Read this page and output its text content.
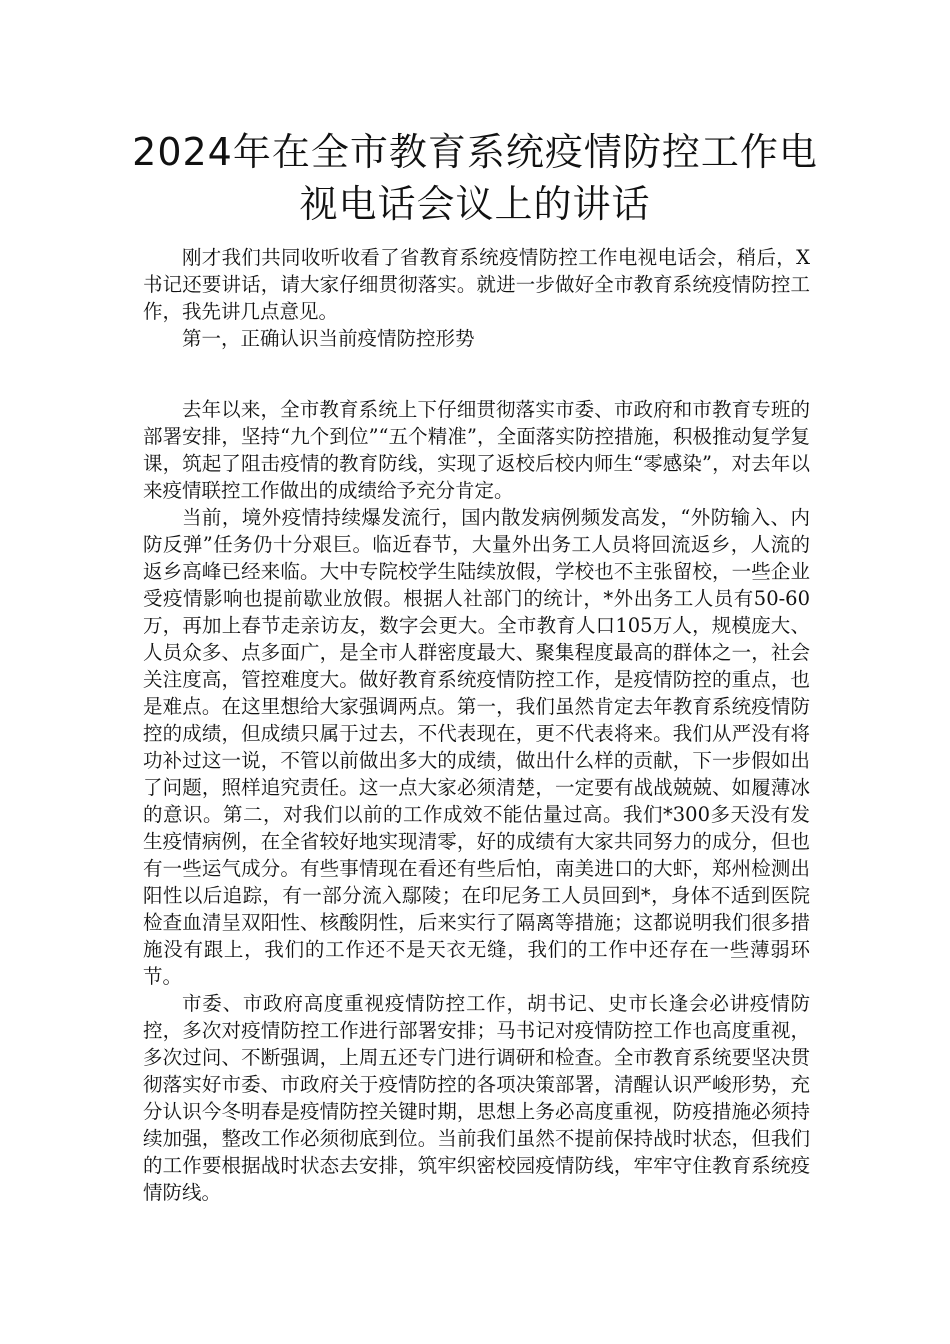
2024年在全市教育系统疫情防控工作电视电话会议上的讲话

刚才我们共同收听收看了省教育系统疫情防控工作电视电话会，稍后，X书记还要讲话，请大家仔细贯彻落实。就进一步做好全市教育系统疫情防控工作，我先讲几点意见。

第一，正确认识当前疫情防控形势

去年以来，全市教育系统上下仔细贯彻落实市委、市政府和市教育专班的部署安排，坚持“九个到位”“五个精准”，全面落实防控措施，积极推动复学复课，筑起了阻击疫情的教育防线，实现了返校后校内师生“零感染”，对去年以来疫情联控工作做出的成绩给予充分肯定。

当前，境外疫情持续爆发流行，国内散发病例频发高发，“外防输入、内防反弹”任务仍十分艰巨。临近春节，大量外出务工人员将回流返乡，人流的返乡高峰已经来临。大中专院校学生陆续放假，学校也不主张留校，一些企业受疫情影响也提前歇业放假。根据人社部门的统计，*外出务工人员有50-60万，再加上春节走亲访友，数字会更大。全市教育人口105万人，规模庞大、人员众多、点多面广，是全市人群密度最大、聚集程度最高的群体之一，社会关注度高，管控难度大。做好教育系统疫情防控工作，是疫情防控的重点，也是难点。在这里想给大家强调两点。第一，我们虽然肯定去年教育系统疫情防控的成绩，但成绩只属于过去，不代表现在，更不代表将来。我们从严没有将功补过这一说，不管以前做出多大的成绩，做出什么样的贡献，下一步假如出了问题，照样追究责任。这一点大家必须清楚，一定要有战战兢兢、如履薄冰的意识。第二，对我们以前的工作成效不能估量过高。我们*300多天没有发生疫情病例，在全省较好地实现清零，好的成绩有大家共同努力的成分，但也有一些运气成分。有些事情现在看还有些后怕，南美进口的大虾，郑州检测出阳性以后追踪，有一部分流入鄢陵；在印尼务工人员回到*，身体不适到医院检查血清呈双阳性、核酸阴性，后来实行了隔离等措施；这都说明我们很多措施没有跟上，我们的工作还不是天衣无缝，我们的工作中还存在一些薄弱环节。

市委、市政府高度重视疫情防控工作，胡书记、史市长逢会必讲疫情防控，多次对疫情防控工作进行部署安排；马书记对疫情防控工作也高度重视，多次过问、不断强调，上周五还专门进行调研和检查。全市教育系统要坚决贯彻落实好市委、市政府关于疫情防控的各项决策部署，清醒认识严峻形势，充分认识今冬明春是疫情防控关键时期，思想上务必高度重视，防疫措施必须持续加强，整改工作必须彻底到位。当前我们虽然不提前保持战时状态，但我们的工作要根据战时状态去安排，筑牢织密校园疫情防线，牢牢守住教育系统疫情防线。
